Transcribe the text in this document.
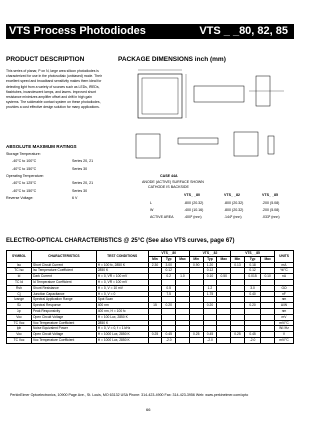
VTS Process Photodiodes	VTS _ _80, 82, 85
PRODUCT DESCRIPTION
This series of planar, P on N, large area silicon photodiodes is characterized for use in the photovoltaic (unbiased) mode. Their excellent speed and broadband sensitivity makes them ideal for detecting light from a variety of sources such as LEDs, IREDs, flashtubes, incandescent lamps, and lasers. Improved shunt resistance minimizes amplifier offset and drift in high gain systems. The solderable contact system on these photodiodes, provides a cost effective design solution for many applications.
ABSOLUTE MAXIMUM RATINGS
Storage Temperature:
-40°C to 100°C	Series 20, 21
-40°C to 150°C	Series 30
Operating Temperature:
-40°C to 125°C	Series 20, 21
-40°C to 150°C	Series 30
Reverse Voltage:	6 V
PACKAGE DIMENSIONS inch (mm)
CASE 44A
ANODE (ACTIVE) SURFACE SHOWN
CATHODE IS BACKSIDE
VTS_ _80	VTS_ _82	VTS_ _85
L	.800 (20.32)	.800 (20.32)	.200 (5.08)
W	.400 (10.16)	.800 (20.32)	.200 (5.08)
ACTIVE AREA	.400² (nnn)	.144² (nnn)	.033² (nnn)
ELECTRO-OPTICAL CHARACTERISTICS @ 25°C (See also VTS curves, page 67)
SYMBOL	CHARACTERISTICS	TEST CONDITIONS	VTS_ _80			VTS_ _82			VTS_ _85			UNITS
			Min	Typ	Max	Min	Typ	Max	Min	Typ	Max	
Isc	Short Circuit Current	H = 100 fc, 2850 K	2.30	3.00		0.90	1.20		0.13	0.18		mA
TC Isc	Isc Temperature Coefficient	2850 K		0.12			0.12			0.12		%/°C
Id	Dark Current	H = 0, VR = 100 mV		0.2	1.0		0.10	0.50		0.015	0.10	nA
TC Id	Id Temperature Coefficient	H = 0, VR = 100 mV										
Rsh	Shunt Resistance	H = 0, V = 10 mV		0.5			1.2			3.0		GΩ
Cj	Junction Capacitance	H = 0, V = 0		7.5			1.75			0.40		nF
λrange	Spectral Application Range	Spot Scan										nm
Sλ	Spectral Response	400 nm	15	0.20			0.20			0.20		A/W
λp	Peak Responsivity	400 nm, H = 100 fc										nm
Voc	Open Circuit Voltage	H = 100 Lux, 2850 K										mV
TC Voc	Voc Temperature Coefficient	2850 K										mV/°C
Iph	Noise Equivalent Power	H = 0, V = 0, f = 1 kHz										W/√Hz
Voc	Open Circuit Voltage	H = 1000 Lux, 2850 K	0.25	0.45		0.25	0.45		0.25	0.45		V
TC Voc	Voc Temperature Coefficient	H = 1000 Lux, 2850 K		-2.0			-2.0			-2.0		mV/°C
PerkinElmer Optoelectronics, 10900 Page Ave., St. Louis, MO 63132 USA Phone: 314-423-4900 Fax: 314-423-3956 Web: www.perkinelmer.com/opto
66
